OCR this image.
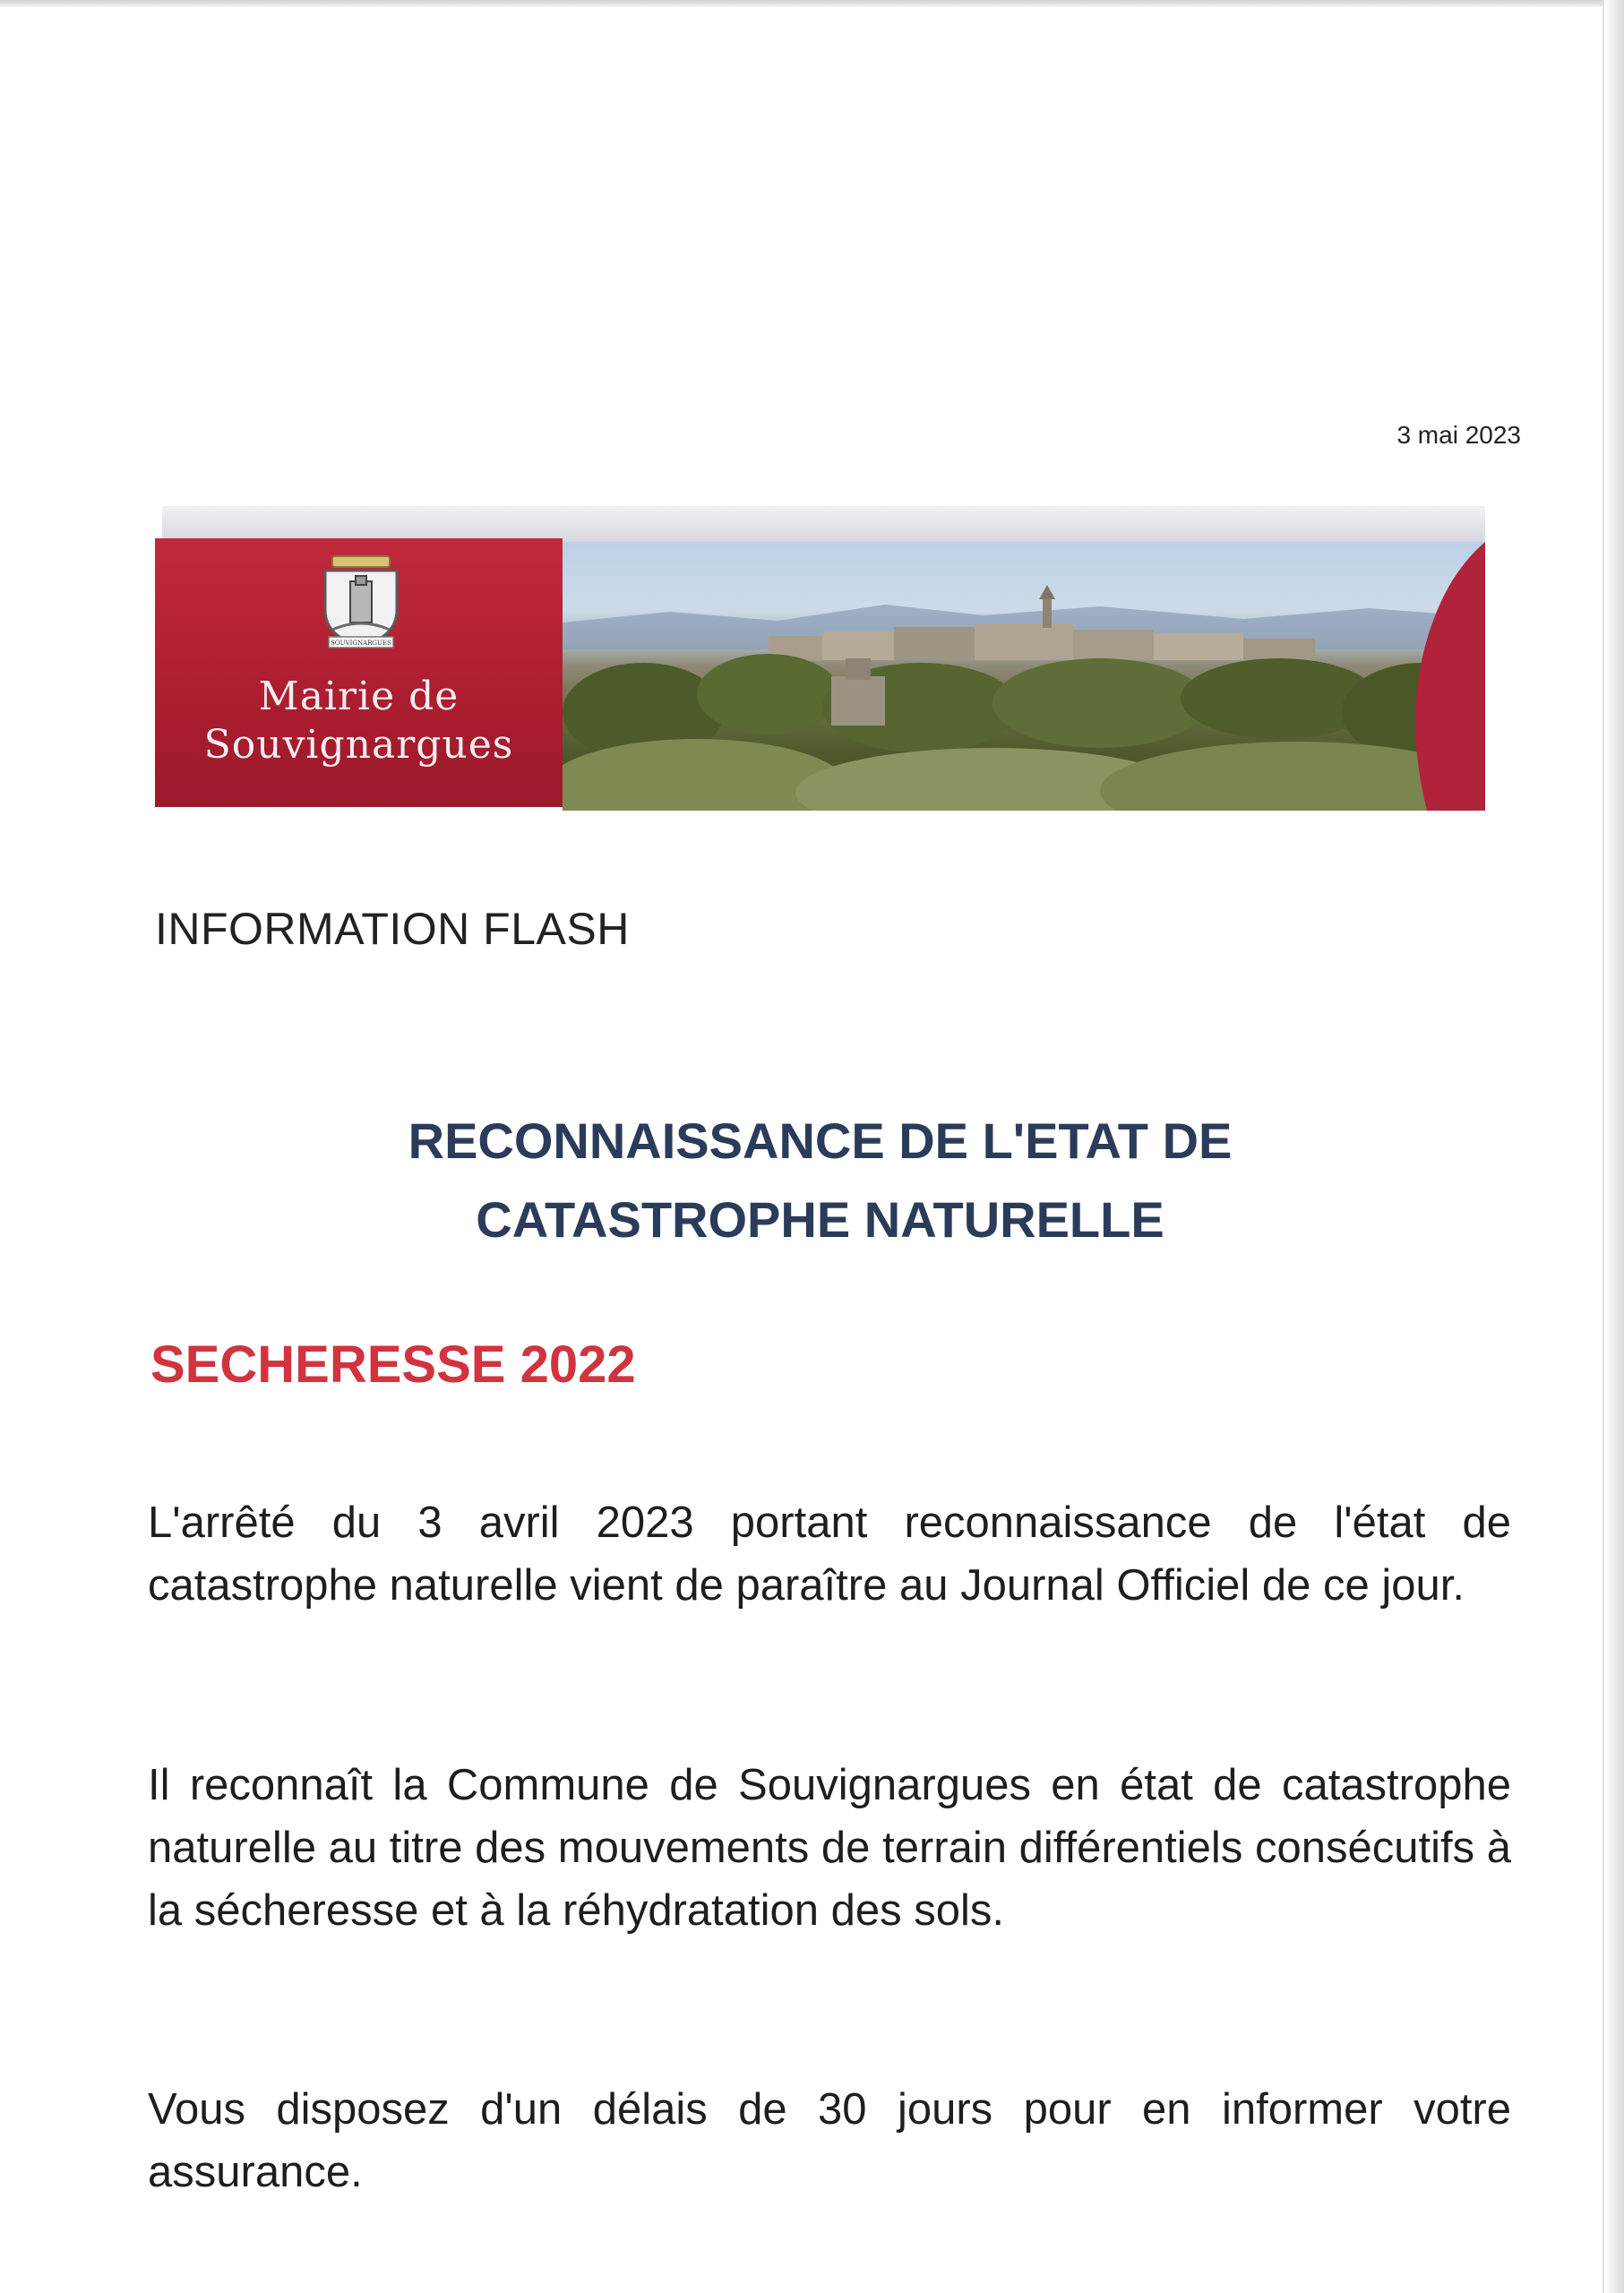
3 mai 2023
SOUVIGNARGUES
Mairie de
Souvignargues
INFORMATION FLASH
RECONNAISSANCE DE L'ETAT DE
CATASTROPHE NATURELLE
SECHERESSE 2022
L'arrêté du 3 avril 2023 portant reconnaissance de l'état de catastrophe naturelle vient de paraître au Journal Officiel de ce jour.
Il reconnaît la Commune de Souvignargues en état de catastrophe naturelle au titre des mouvements de terrain différentiels consécutifs à la sécheresse et à la réhydratation des sols.
Vous disposez d'un délais de 30 jours pour en informer votre assurance.
